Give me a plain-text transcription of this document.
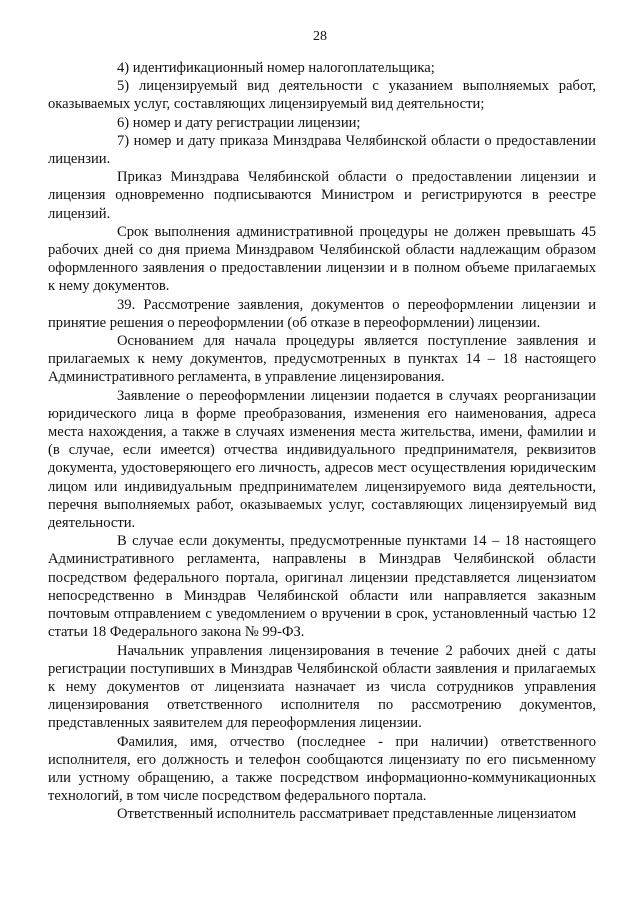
28

4) идентификационный номер налогоплательщика;

5) лицензируемый вид деятельности с указанием выполняемых работ, оказываемых услуг, составляющих лицензируемый вид деятельности;

6) номер и дату регистрации лицензии;

7) номер и дату приказа Минздрава Челябинской области о предоставлении лицензии.

Приказ Минздрава Челябинской области о предоставлении лицензии и лицензия одновременно подписываются Министром и регистрируются в реестре лицензий.

Срок выполнения административной процедуры не должен превышать 45 рабочих дней со дня приема Минздравом Челябинской области надлежащим образом оформленного заявления о предоставлении лицензии и в полном объеме прилагаемых к нему документов.

39. Рассмотрение заявления, документов о переоформлении лицензии и принятие решения о переоформлении (об отказе в переоформлении) лицензии.

Основанием для начала процедуры является поступление заявления и прилагаемых к нему документов, предусмотренных в пунктах 14 – 18 настоящего Административного регламента, в управление лицензирования.

Заявление о переоформлении лицензии подается в случаях реорганизации юридического лица в форме преобразования, изменения его наименования, адреса места нахождения, а также в случаях изменения места жительства, имени, фамилии и (в случае, если имеется) отчества индивидуального предпринимателя, реквизитов документа, удостоверяющего его личность, адресов мест осуществления юридическим лицом или индивидуальным предпринимателем лицензируемого вида деятельности, перечня выполняемых работ, оказываемых услуг, составляющих лицензируемый вид деятельности.

В случае если документы, предусмотренные пунктами 14 – 18 настоящего Административного регламента, направлены в Минздрав Челябинской области посредством федерального портала, оригинал лицензии представляется лицензиатом непосредственно в Минздрав Челябинской области или направляется заказным почтовым отправлением с уведомлением о вручении в срок, установленный частью 12 статьи 18 Федерального закона № 99-ФЗ.

Начальник управления лицензирования в течение 2 рабочих дней с даты регистрации поступивших в Минздрав Челябинской области заявления и прилагаемых к нему документов от лицензиата назначает из числа сотрудников управления лицензирования ответственного исполнителя по рассмотрению документов, представленных заявителем для переоформления лицензии.

Фамилия, имя, отчество (последнее - при наличии) ответственного исполнителя, его должность и телефон сообщаются лицензиату по его письменному или устному обращению, а также посредством информационно-коммуникационных технологий, в том числе посредством федерального портала.

Ответственный исполнитель рассматривает представленные лицензиатом
